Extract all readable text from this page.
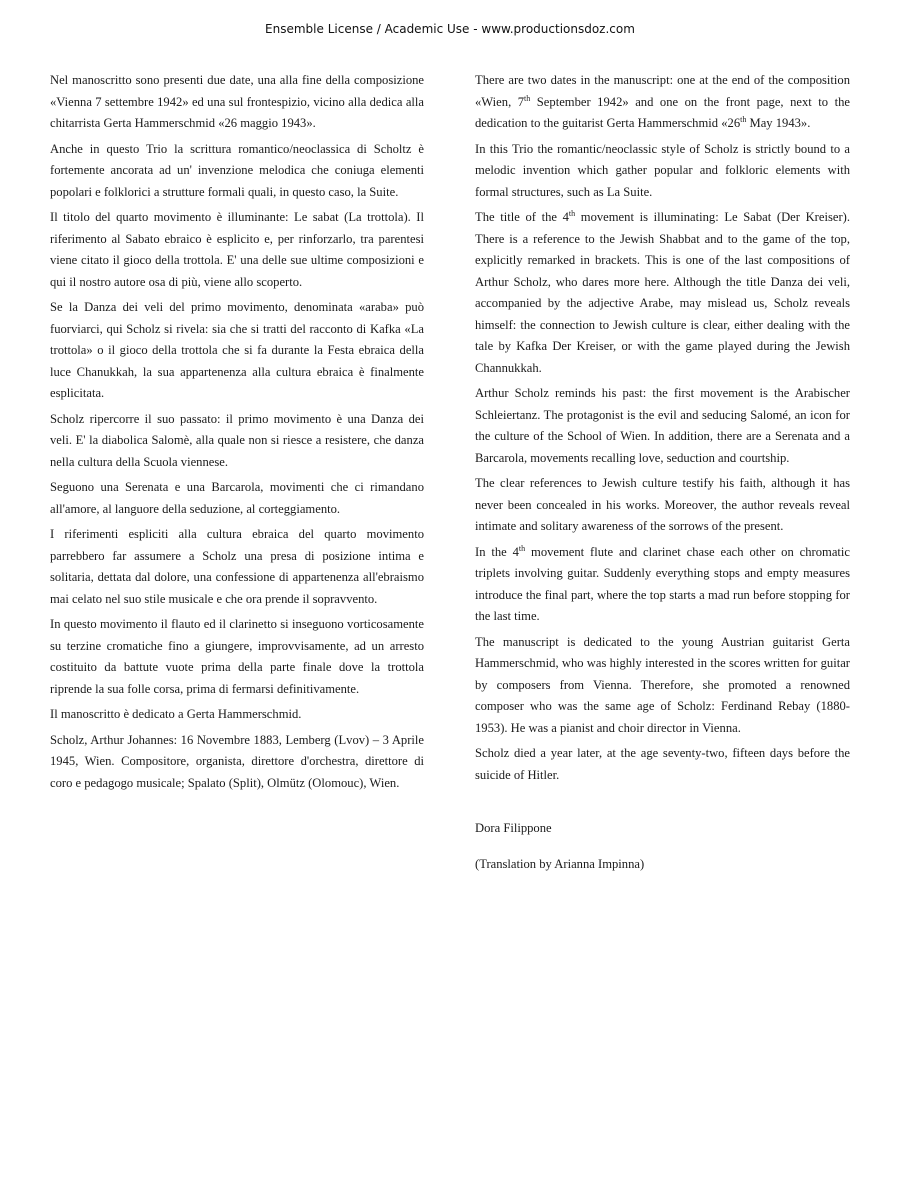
Ensemble License / Academic Use - www.productionsdoz.com

Nel manoscritto sono presenti due date, una alla fine della composizione «Vienna 7 settembre 1942» ed una sul frontespizio, vicino alla dedica alla chitarrista Gerta Hammerschmid «26 maggio 1943».

Anche in questo Trio la scrittura romantico/neoclassica di Scholtz è fortemente ancorata ad un' invenzione melodica che coniuga elementi popolari e folklorici a strutture formali quali, in questo caso, la Suite.

Il titolo del quarto movimento è illuminante: Le sabat (La trottola). Il riferimento al Sabato ebraico è esplicito e, per rinforzarlo, tra parentesi viene citato il gioco della trottola. E' una delle sue ultime composizioni e qui il nostro autore osa di più, viene allo scoperto.

Se la Danza dei veli del primo movimento, denominata «araba» può fuorviarci, qui Scholz si rivela: sia che si tratti del racconto di Kafka «La trottola» o il gioco della trottola che si fa durante la Festa ebraica della luce Chanukkah, la sua appartenenza alla cultura ebraica è finalmente esplicitata.

Scholz ripercorre il suo passato: il primo movimento è una Danza dei veli. E' la diabolica Salomè, alla quale non si riesce a resistere, che danza nella cultura della Scuola viennese.

Seguono una Serenata e una Barcarola, movimenti che ci rimandano all'amore, al languore della seduzione, al corteggiamento.

I riferimenti espliciti alla cultura ebraica del quarto movimento parrebbero far assumere a Scholz una presa di posizione intima e solitaria, dettata dal dolore, una confessione di appartenenza all'ebraismo mai celato nel suo stile musicale e che ora prende il sopravvento.

In questo movimento il flauto ed il clarinetto si inseguono vorticosamente su terzine cromatiche fino a giungere, improvvisamente, ad un arresto costituito da battute vuote prima della parte finale dove la trottola riprende la sua folle corsa, prima di fermarsi definitivamente.

Il manoscritto è dedicato a Gerta Hammerschmid.

Scholz, Arthur Johannes: 16 Novembre 1883, Lemberg (Lvov) – 3 Aprile 1945, Wien. Compositore, organista, direttore d'orchestra, direttore di coro e pedagogo musicale; Spalato (Split), Olmütz (Olomouc), Wien.

There are two dates in the manuscript: one at the end of the composition «Wien, 7th September 1942» and one on the front page, next to the dedication to the guitarist Gerta Hammerschmid «26th May 1943».

In this Trio the romantic/neoclassic style of Scholz is strictly bound to a melodic invention which gather popular and folkloric elements with formal structures, such as La Suite.

The title of the 4th movement is illuminating: Le Sabat (Der Kreiser). There is a reference to the Jewish Shabbat and to the game of the top, explicitly remarked in brackets. This is one of the last compositions of Arthur Scholz, who dares more here. Although the title Danza dei veli, accompanied by the adjective Arabe, may mislead us, Scholz reveals himself: the connection to Jewish culture is clear, either dealing with the tale by Kafka Der Kreiser, or with the game played during the Jewish Channukkah.

Arthur Scholz reminds his past: the first movement is the Arabischer Schleiertanz. The protagonist is the evil and seducing Salomé, an icon for the culture of the School of Wien. In addition, there are a Serenata and a Barcarola, movements recalling love, seduction and courtship.

The clear references to Jewish culture testify his faith, although it has never been concealed in his works. Moreover, the author reveals reveal intimate and solitary awareness of the sorrows of the present.

In the 4th movement flute and clarinet chase each other on chromatic triplets involving guitar. Suddenly everything stops and empty measures introduce the final part, where the top starts a mad run before stopping for the last time.

The manuscript is dedicated to the young Austrian guitarist Gerta Hammerschmid, who was highly interested in the scores written for guitar by composers from Vienna. Therefore, she promoted a renowned composer who was the same age of Scholz: Ferdinand Rebay (1880-1953). He was a pianist and choir director in Vienna.

Scholz died a year later, at the age seventy-two, fifteen days before the suicide of Hitler.

Dora Filippone

(Translation by Arianna Impinna)
